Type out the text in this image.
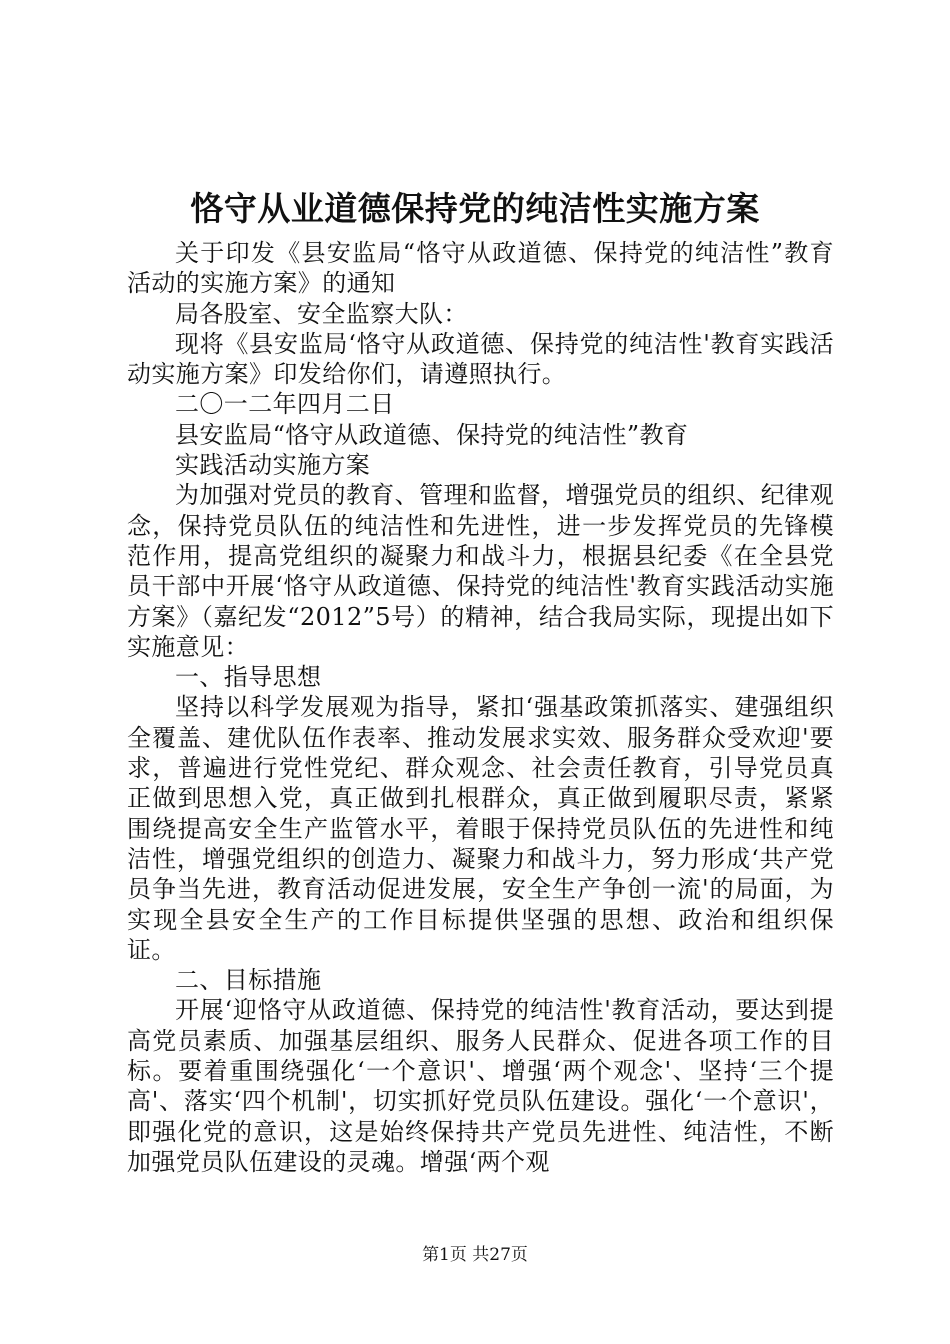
恪守从业道德保持党的纯洁性实施方案

关于印发《县安监局“恪守从政道德、保持党的纯洁性”教育活动的实施方案》的通知

局各股室、安全监察大队：

现将《县安监局‘恪守从政道德、保持党的纯洁性'教育实践活动实施方案》印发给你们，请遵照执行。

二〇一二年四月二日

县安监局“恪守从政道德、保持党的纯洁性”教育

实践活动实施方案

为加强对党员的教育、管理和监督，增强党员的组织、纪律观念，保持党员队伍的纯洁性和先进性，进一步发挥党员的先锋模范作用，提高党组织的凝聚力和战斗力，根据县纪委《在全县党员干部中开展‘恪守从政道德、保持党的纯洁性'教育实践活动实施方案》（嘉纪发“2012”5号）的精神，结合我局实际，现提出如下实施意见：

一、指导思想

坚持以科学发展观为指导，紧扣‘强基政策抓落实、建强组织全覆盖、建优队伍作表率、推动发展求实效、服务群众受欢迎'要求，普遍进行党性党纪、群众观念、社会责任教育，引导党员真正做到思想入党，真正做到扎根群众，真正做到履职尽责，紧紧围绕提高安全生产监管水平，着眼于保持党员队伍的先进性和纯洁性，增强党组织的创造力、凝聚力和战斗力，努力形成‘共产党员争当先进，教育活动促进发展，安全生产争创一流'的局面，为实现全县安全生产的工作目标提供坚强的思想、政治和组织保证。

二、目标措施

开展‘迎恪守从政道德、保持党的纯洁性'教育活动，要达到提高党员素质、加强基层组织、服务人民群众、促进各项工作的目标。要着重围绕强化‘一个意识'、增强‘两个观念'、坚持‘三个提高'、落实‘四个机制'，切实抓好党员队伍建设。强化‘一个意识'，即强化党的意识，这是始终保持共产党员先进性、纯洁性，不断加强党员队伍建设的灵魂。增强‘两个观

第1页 共27页
